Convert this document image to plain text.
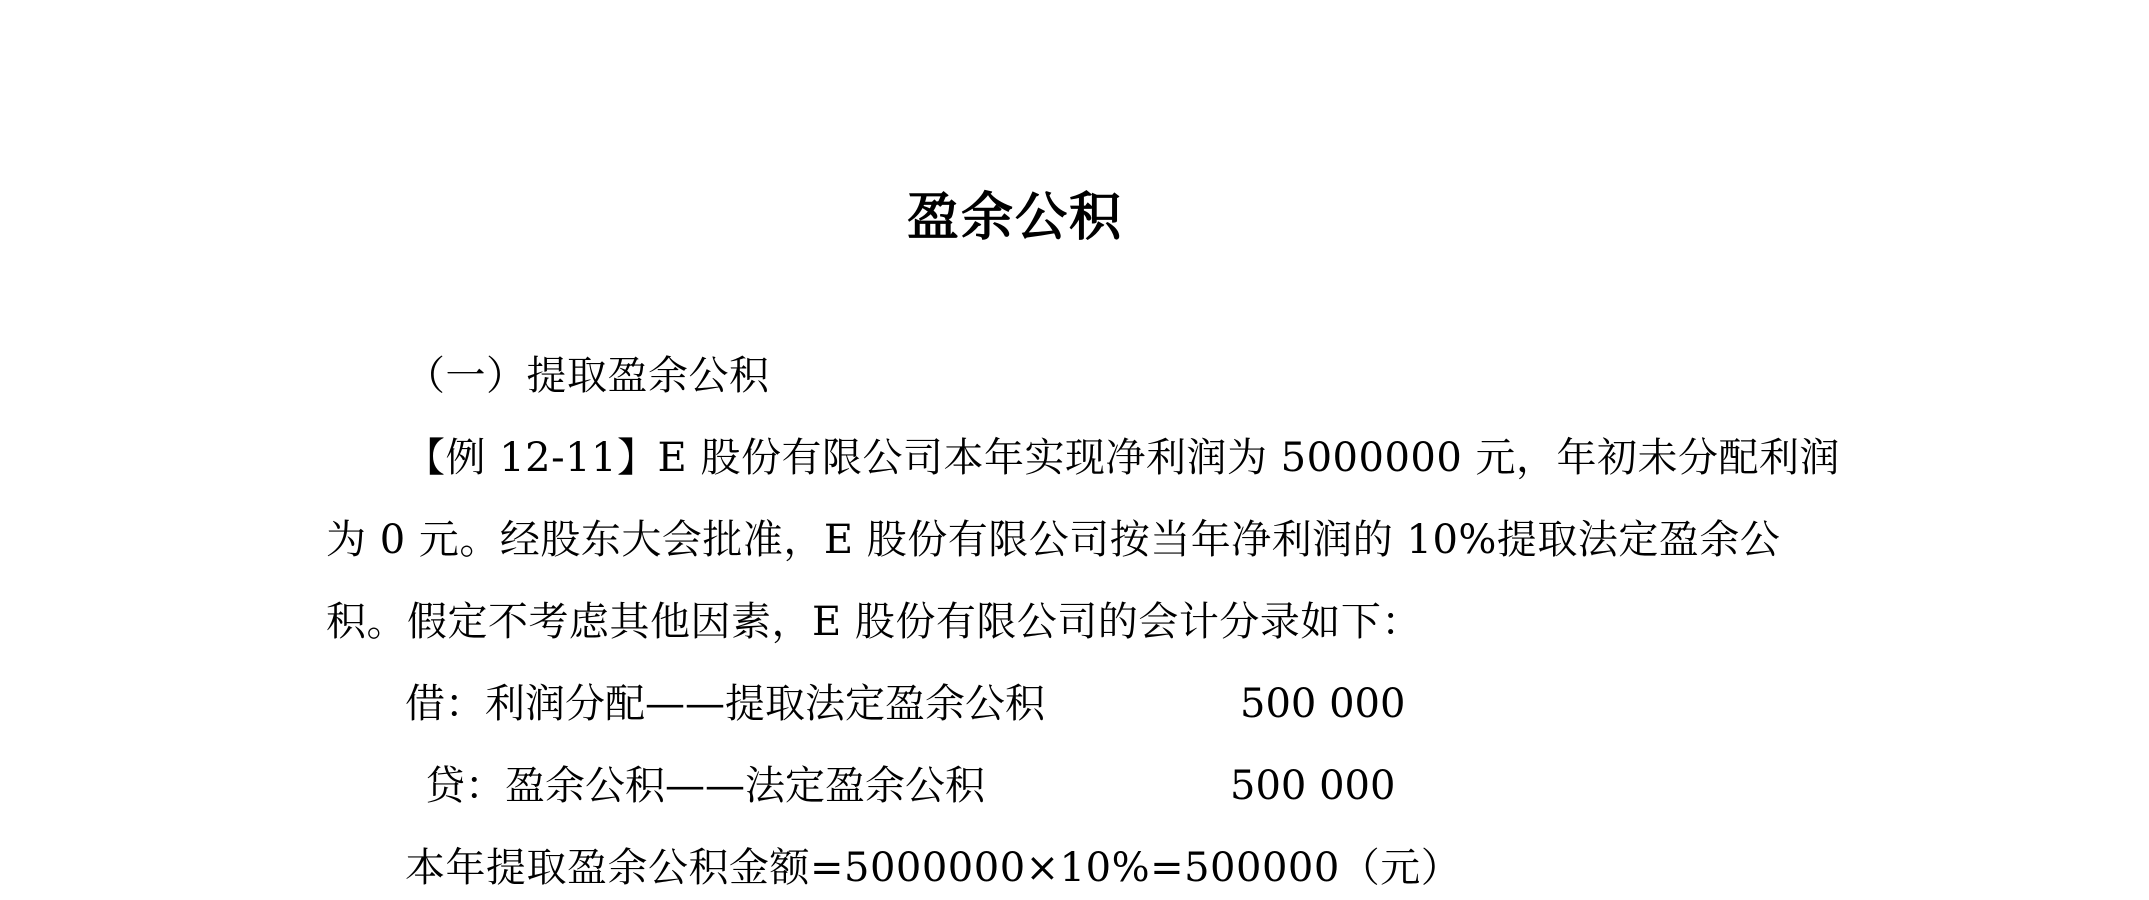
盈余公积
（一）提取盈余公积
【例 12-11】E 股份有限公司本年实现净利润为 5000000 元，年初未分配利润
为 0 元。经股东大会批准，E 股份有限公司按当年净利润的 10%提取法定盈余公
积。假定不考虑其他因素，E 股份有限公司的会计分录如下：
借：利润分配——提取法定盈余公积	500 000
贷：盈余公积——法定盈余公积	500 000
本年提取盈余公积金额=5000000×10%=500000（元）
